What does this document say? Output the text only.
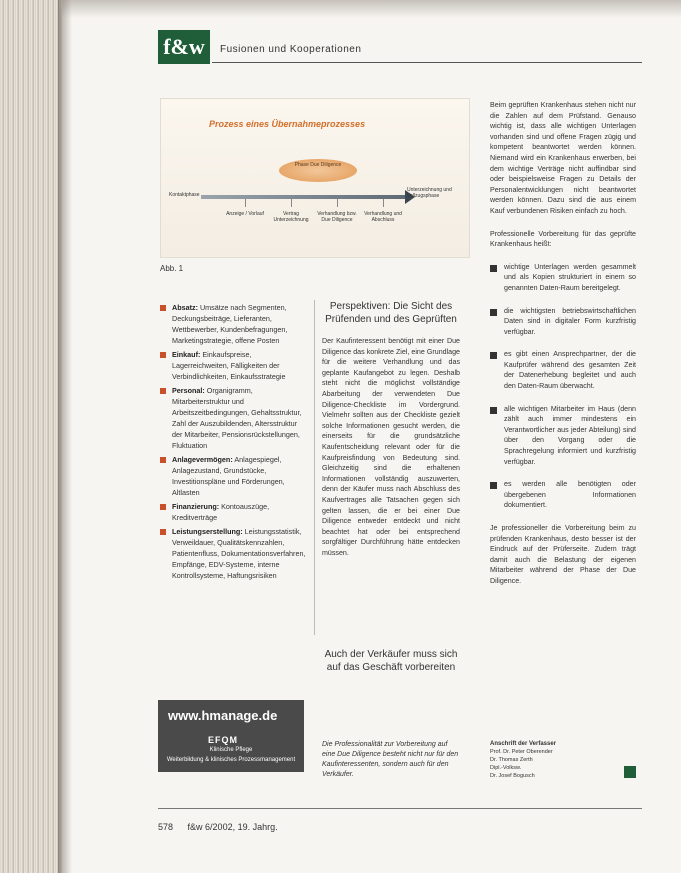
f&w	Fusionen und Kooperationen
Prozess eines Übernahmeprozesses
Phase Due Diligence
Kontaktphase
Unterzeichnung und Vollzugsphase
Anzeige / Vorlauf	Vertrag Unterzeichnung
Verhandlung bzw. Due Diligence
Verhandlung und Abschluss
Abb. 1
Absatz: Umsätze nach Segmenten, Deckungsbeiträge, Lieferanten, Wettbewerber, Kundenbefragungen, Marketingstrategie, offene Posten
Einkauf: Einkaufspreise, Lagerreichweiten, Fälligkeiten der Verbindlichkeiten, Einkaufsstrategie
Personal: Organigramm, Mitarbeiterstruktur und Arbeitszeitbedingungen, Gehaltsstruktur, Zahl der Auszubildenden, Altersstruktur der Mitarbeiter, Pensionsrückstellungen, Fluktuation
Anlagevermögen: Anlagespiegel, Anlagezustand, Grundstücke, Investitionspläne und Förderungen, Altlasten
Finanzierung: Kontoauszüge, Kreditverträge
Leistungserstellung: Leistungsstatistik, Verweildauer, Qualitätskennzahlen, Patientenfluss, Dokumentationsverfahren, Empfänge, EDV-Systeme, interne Kontrollsysteme, Haftungsrisiken
www.hmanage.de
EFQM
Klinische Pflege
Weiterbildung & klinisches Prozessmanagement
Perspektiven: Die Sicht des Prüfenden und des Geprüften
Der Kaufinteressent benötigt mit einer Due Diligence das konkrete Ziel, eine Grundlage für die weitere Verhandlung und das geplante Kaufangebot zu legen. Deshalb steht nicht die möglichst vollständige Abarbeitung der verwendeten Due Diligence-Checkliste im Vordergrund. Vielmehr sollten aus der Checkliste gezielt solche Informationen gesucht werden, die einerseits für die grundsätzliche Kaufentscheidung relevant oder für die Kaufpreisfindung von Bedeutung sind. Gleichzeitig sind die erhaltenen Informationen vollständig auszuwerten, denn der Käufer muss nach Abschluss des Kaufvertrages alle Tatsachen gegen sich gelten lassen, die er bei einer Due Diligence entweder entdeckt und nicht beachtet hat oder bei entsprechend sorgfältiger Durchführung hätte entdecken müssen.
Auch der Verkäufer muss sich auf das Geschäft vorbereiten
Die Professionalität zur Vorbereitung auf eine Due Diligence besteht nicht nur für den Kaufinteressenten, sondern auch für den Verkäufer.
Beim geprüften Krankenhaus stehen nicht nur die Zahlen auf dem Prüfstand. Genauso wichtig ist, dass alle wichtigen Unterlagen vorhanden sind und offene Fragen zügig und kompetent beantwortet werden können. Niemand wird ein Krankenhaus erwerben, bei dem wichtige Verträge nicht auffindbar sind oder beispielsweise Fragen zu Details der Personalentwicklungen nicht beantwortet werden können. Dazu sind die aus einem Kauf verbundenen Risiken einfach zu hoch.
Professionelle Vorbereitung für das geprüfte Krankenhaus heißt:
wichtige Unterlagen werden gesammelt und als Kopien strukturiert in einem so genannten Daten-Raum bereitgelegt.
die wichtigsten betriebswirtschaftlichen Daten sind in digitaler Form kurzfristig verfügbar.
es gibt einen Ansprechpartner, der die Kaufprüfer während des gesamten Zeit der Datenerhebung begleitet und auch den Daten-Raum überwacht.
alle wichtigen Mitarbeiter im Haus (denn zählt auch immer mindestens ein Verantwortlicher aus jeder Abteilung) sind über den Vorgang oder die Sprachregelung informiert und kurzfristig verfügbar.
es werden alle benötigten oder übergebenen Informationen dokumentiert.
Je professioneller die Vorbereitung beim zu prüfenden Krankenhaus, desto besser ist der Eindruck auf der Prüferseite. Zudem trägt damit auch die Belastung der eigenen Mitarbeiter während der Phase der Due Diligence.
Anschrift der Verfasser
Prof. Dr. Peter Oberender
Dr. Thomas Zerth
Dipl.-Volksw.
Dr. Josef Bogusch
578 f&w 6/2002, 19. Jahrg.
